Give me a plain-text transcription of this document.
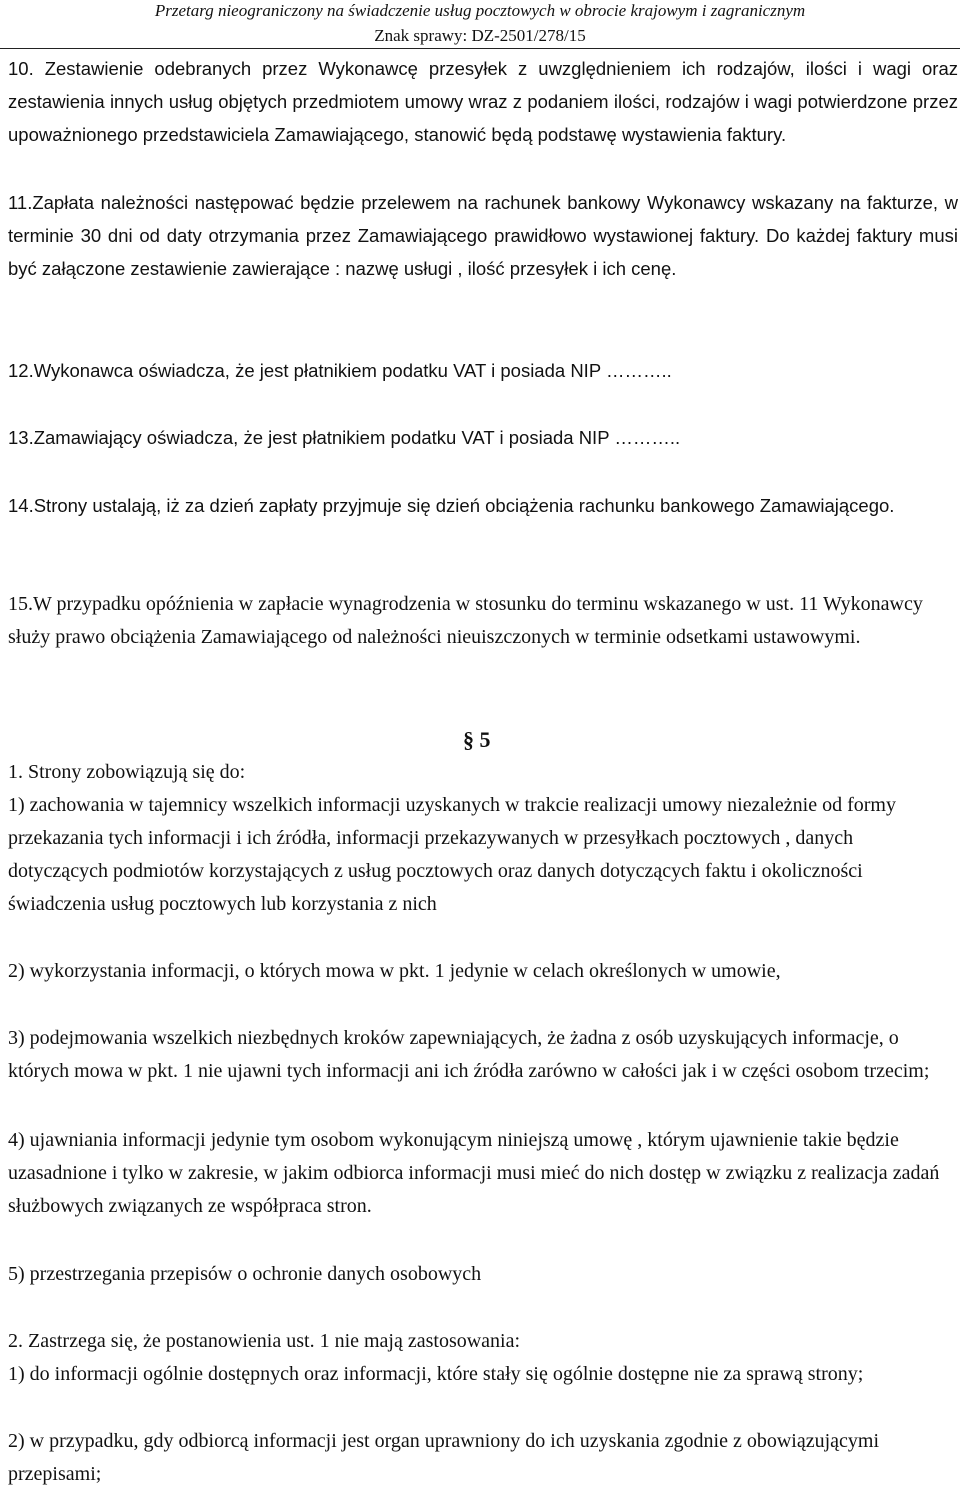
Przetarg nieograniczony na świadczenie usług pocztowych w obrocie krajowym i zagranicznym
Znak sprawy: DZ-2501/278/15

10. Zestawienie odebranych przez Wykonawcę przesyłek z uwzględnieniem ich rodzajów, ilości i wagi oraz zestawienia innych usług objętych przedmiotem umowy wraz z podaniem ilości, rodzajów i wagi potwierdzone przez upoważnionego przedstawiciela Zamawiającego, stanowić będą podstawę wystawienia faktury.

11.Zapłata należności następować będzie przelewem na rachunek bankowy Wykonawcy wskazany na fakturze, w terminie 30 dni od daty otrzymania przez Zamawiającego prawidłowo wystawionej faktury. Do każdej faktury musi być załączone zestawienie zawierające : nazwę usługi , ilość przesyłek i ich cenę.

12.Wykonawca oświadcza, że jest płatnikiem podatku VAT i posiada NIP ………..

13.Zamawiający oświadcza, że jest płatnikiem podatku VAT i posiada NIP ………..

14.Strony ustalają, iż za dzień zapłaty przyjmuje się dzień obciążenia rachunku bankowego Zamawiającego.

15.W przypadku opóźnienia w zapłacie wynagrodzenia w stosunku do terminu wskazanego w ust. 11 Wykonawcy służy prawo obciążenia Zamawiającego od należności nieuiszczonych w terminie odsetkami ustawowymi.

§ 5

1. Strony zobowiązują się do:

1) zachowania w tajemnicy wszelkich informacji uzyskanych w trakcie realizacji umowy niezależnie od formy przekazania tych informacji i ich źródła, informacji przekazywanych w przesyłkach pocztowych , danych dotyczących podmiotów korzystających z usług pocztowych oraz danych dotyczących faktu i okoliczności świadczenia usług pocztowych lub korzystania z nich

2) wykorzystania informacji, o których mowa w pkt. 1 jedynie w celach określonych w umowie,

3) podejmowania wszelkich niezbędnych kroków zapewniających, że żadna z osób uzyskujących informacje, o których mowa w pkt. 1 nie ujawni tych informacji ani ich źródła zarówno w całości jak i w części osobom trzecim;

4) ujawniania informacji jedynie tym osobom wykonującym niniejszą umowę , którym ujawnienie takie będzie uzasadnione i tylko w zakresie, w jakim odbiorca informacji musi mieć do nich dostęp w związku z realizacja zadań służbowych związanych ze współpraca stron.

5) przestrzegania przepisów o ochronie danych osobowych

2. Zastrzega się, że postanowienia ust. 1 nie mają zastosowania:

1) do informacji ogólnie dostępnych oraz informacji, które stały się ogólnie dostępne nie za sprawą strony;

2) w przypadku, gdy odbiorcą informacji jest organ uprawniony do ich uzyskania zgodnie z obowiązującymi przepisami;
